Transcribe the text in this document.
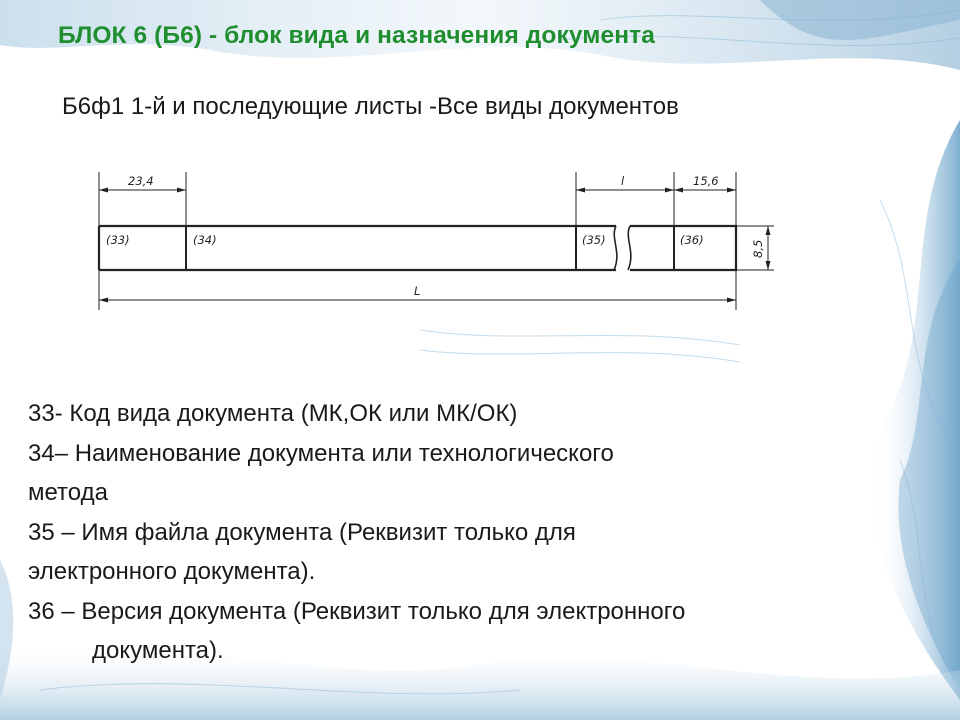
БЛОК 6 (Б6) - блок вида и назначения документа
Б6ф1 1-й и последующие листы -Все виды документов
23,4	l	15,6
L
8,5
(33)	(34)	(35)	(36)

33- Код вида документа (МК,ОК или МК/ОК)

34– Наименование документа или технологического
метода

35 – Имя файла документа (Реквизит только для
электронного документа).

36 – Версия документа (Реквизит только для электронного
документа).
